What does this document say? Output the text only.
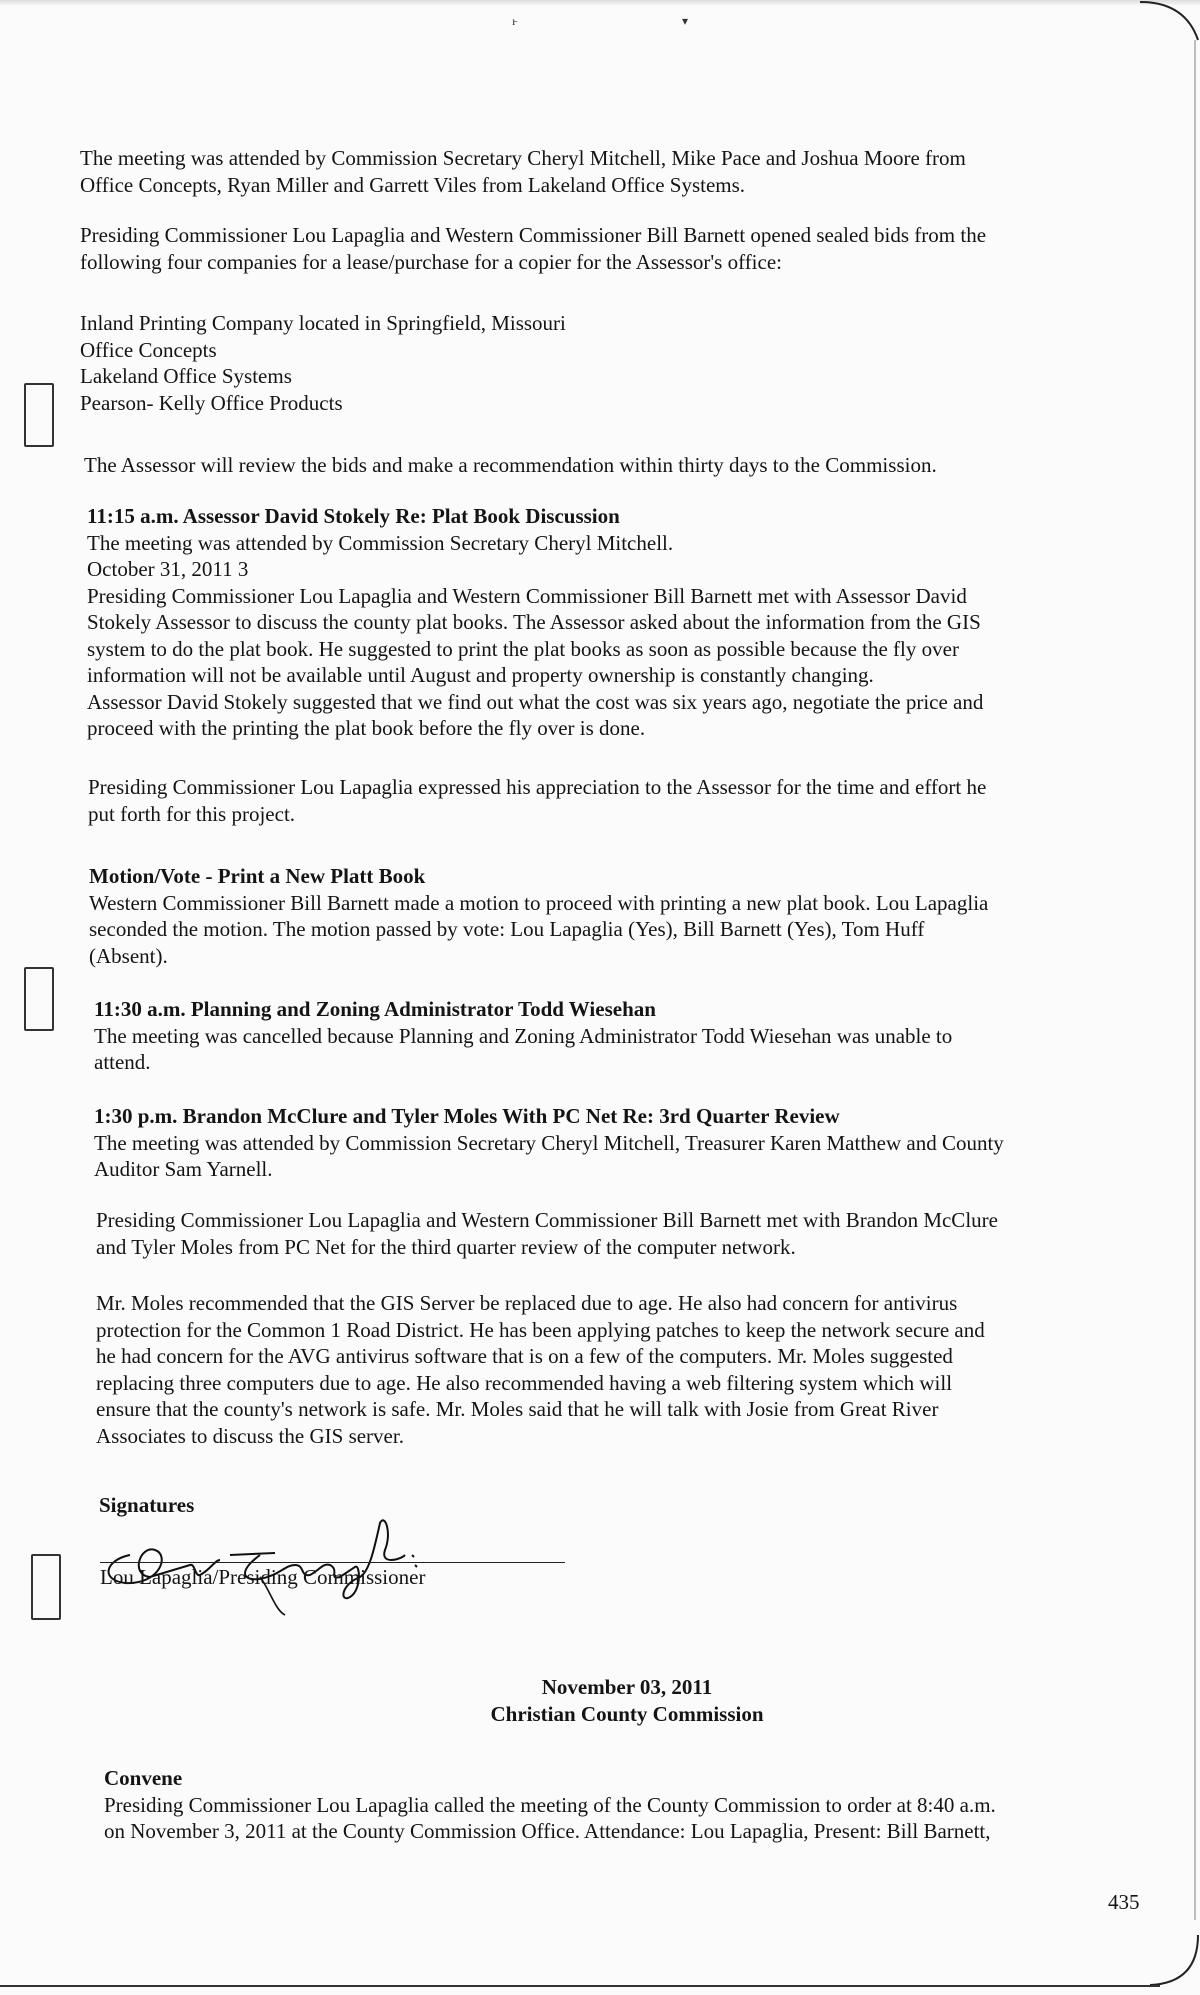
ı̵	▾

The meeting was attended by Commission Secretary Cheryl Mitchell, Mike Pace and Joshua Moore from

Office Concepts, Ryan Miller and Garrett Viles from Lakeland Office Systems.

Presiding Commissioner Lou Lapaglia and Western Commissioner Bill Barnett opened sealed bids from the

following four companies for a lease/purchase for a copier for the Assessor's office:

Inland Printing Company located in Springfield, Missouri

Office Concepts

Lakeland Office Systems

Pearson- Kelly Office Products

The Assessor will review the bids and make a recommendation within thirty days to the Commission.

11:15 a.m. Assessor David Stokely Re: Plat Book Discussion

The meeting was attended by Commission Secretary Cheryl Mitchell.

October 31, 2011 3

Presiding Commissioner Lou Lapaglia and Western Commissioner Bill Barnett met with Assessor David

Stokely Assessor to discuss the county plat books. The Assessor asked about the information from the GIS

system to do the plat book. He suggested to print the plat books as soon as possible because the fly over

information will not be available until August and property ownership is constantly changing.

Assessor David Stokely suggested that we find out what the cost was six years ago, negotiate the price and

proceed with the printing the plat book before the fly over is done.

Presiding Commissioner Lou Lapaglia expressed his appreciation to the Assessor for the time and effort he

put forth for this project.

Motion/Vote - Print a New Platt Book

Western Commissioner Bill Barnett made a motion to proceed with printing a new plat book. Lou Lapaglia

seconded the motion. The motion passed by vote: Lou Lapaglia (Yes), Bill Barnett (Yes), Tom Huff

(Absent).

11:30 a.m. Planning and Zoning Administrator Todd Wiesehan

The meeting was cancelled because Planning and Zoning Administrator Todd Wiesehan was unable to

attend.

1:30 p.m. Brandon McClure and Tyler Moles With PC Net Re: 3rd Quarter Review

The meeting was attended by Commission Secretary Cheryl Mitchell, Treasurer Karen Matthew and County

Auditor Sam Yarnell.

Presiding Commissioner Lou Lapaglia and Western Commissioner Bill Barnett met with Brandon McClure

and Tyler Moles from PC Net for the third quarter review of the computer network.

Mr. Moles recommended that the GIS Server be replaced due to age. He also had concern for antivirus

protection for the Common 1 Road District. He has been applying patches to keep the network secure and

he had concern for the AVG antivirus software that is on a few of the computers. Mr. Moles suggested

replacing three computers due to age. He also recommended having a web filtering system which will

ensure that the county's network is safe. Mr. Moles said that he will talk with Josie from Great River

Associates to discuss the GIS server.

Signatures

Lou Lapaglia/Presiding Commissioner

November 03, 2011

Christian County Commission

Convene

Presiding Commissioner Lou Lapaglia called the meeting of the County Commission to order at 8:40 a.m.

on November 3, 2011 at the County Commission Office. Attendance: Lou Lapaglia, Present: Bill Barnett,

435
